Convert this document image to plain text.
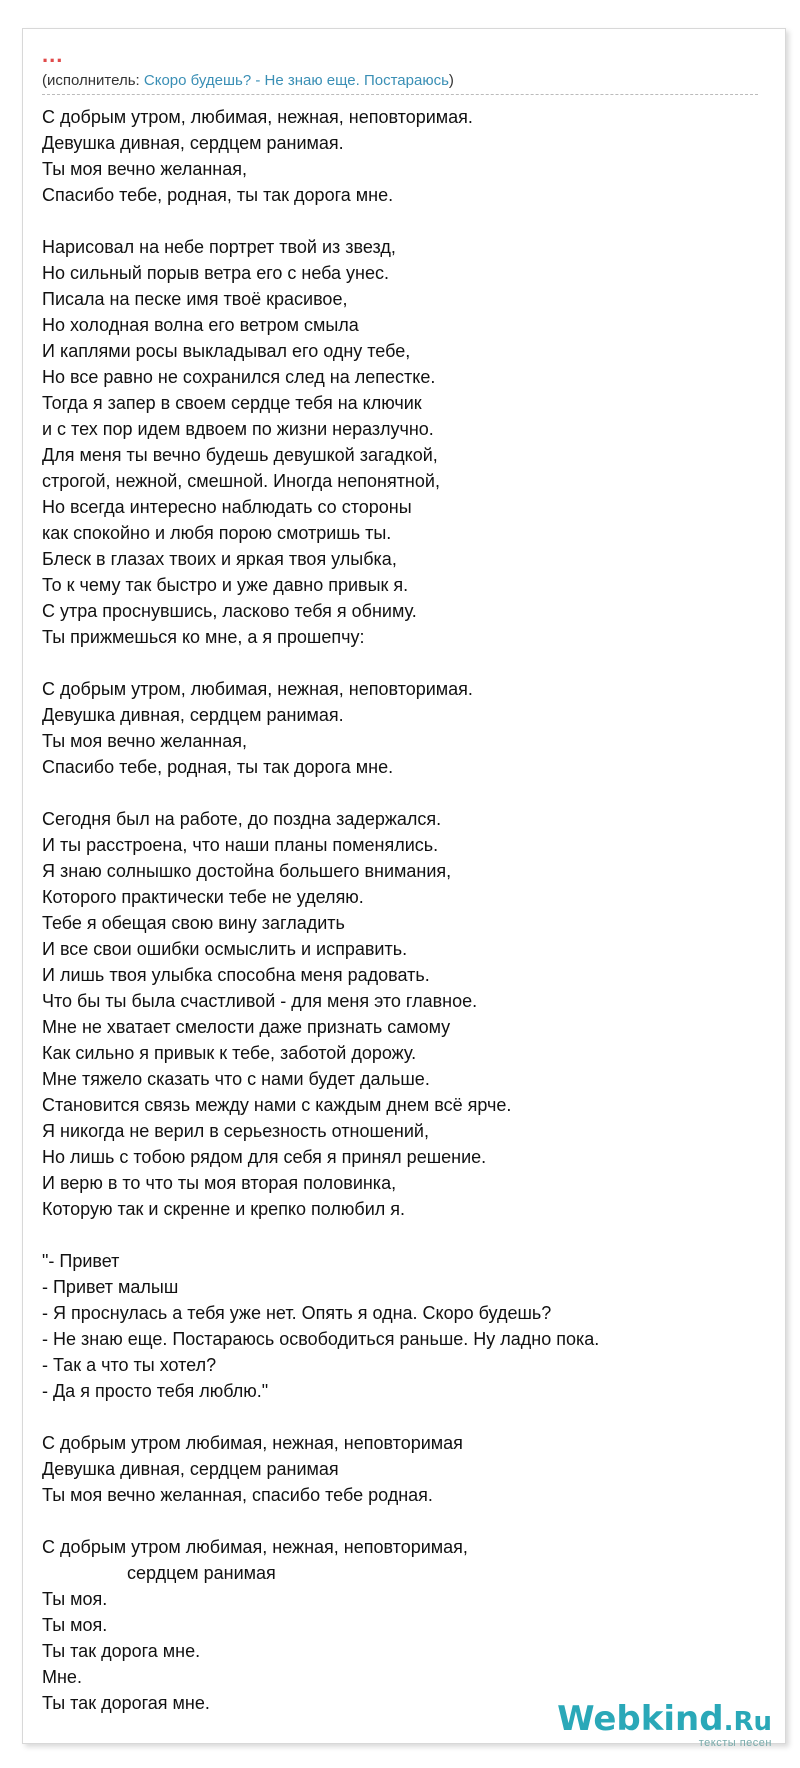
...
(исполнитель: Скоро будешь? - Не знаю еще. Постараюсь)
С добрым утром, любимая, нежная, неповторимая.
Девушка дивная, сердцем ранимая.
Ты моя вечно желанная,
Спасибо тебе, родная, ты так дорога мне.
Нарисовал на небе портрет твой из звезд,
Но сильный порыв ветра его с неба унес.
Писала на песке имя твоё красивое,
Но холодная волна его ветром смыла
И каплями росы выкладывал его одну тебе,
Но все равно не сохранился след на лепестке.
Тогда я запер в своем сердце тебя на ключик
и с тех пор идем вдвоем по жизни неразлучно.
Для меня ты вечно будешь девушкой загадкой,
строгой, нежной, смешной. Иногда непонятной,
Но всегда интересно наблюдать со стороны
как спокойно и любя порою смотришь ты.
Блеск в глазах твоих и яркая твоя улыбка,
То к чему так быстро и уже давно привык я.
С утра проснувшись, ласково тебя я обниму.
Ты прижмешься ко мне, а я прошепчу:
С добрым утром, любимая, нежная, неповторимая.
Девушка дивная, сердцем ранимая.
Ты моя вечно желанная,
Спасибо тебе, родная, ты так дорога мне.
Сегодня был на работе, до поздна задержался.
И ты расстроена, что наши планы поменялись.
Я знаю солнышко достойна большего внимания,
Которого практически тебе не уделяю.
Тебе я обещая свою вину загладить
И все свои ошибки осмыслить и исправить.
И лишь твоя улыбка способна меня радовать.
Что бы ты была счастливой - для меня это главное.
Мне не хватает смелости даже признать самому
Как сильно я привык к тебе, заботой дорожу.
Мне тяжело сказать что с нами будет дальше.
Становится связь между нами с каждым днем всё ярче.
Я никогда не верил в серьезность отношений,
Но лишь с тобою рядом для себя я принял решение.
И верю в то что ты моя вторая половинка,
Которую так и скренне и крепко полюбил я.
"- Привет
- Привет малыш
- Я проснулась а тебя уже нет. Опять я одна. Скоро будешь?
- Не знаю еще. Постараюсь освободиться раньше. Ну ладно пока.
- Так а что ты хотел?
- Да я просто тебя люблю."
С добрым утром любимая, нежная, неповторимая
Девушка дивная, сердцем ранимая
Ты моя вечно желанная, спасибо тебе родная.
С добрым утром любимая, нежная, неповторимая,
сердцем ранимая
Ты моя.
Ты моя.
Ты так дорога мне.
Мне.
Ты так дорогая мне.	Webkind.Ru
тексты песен
